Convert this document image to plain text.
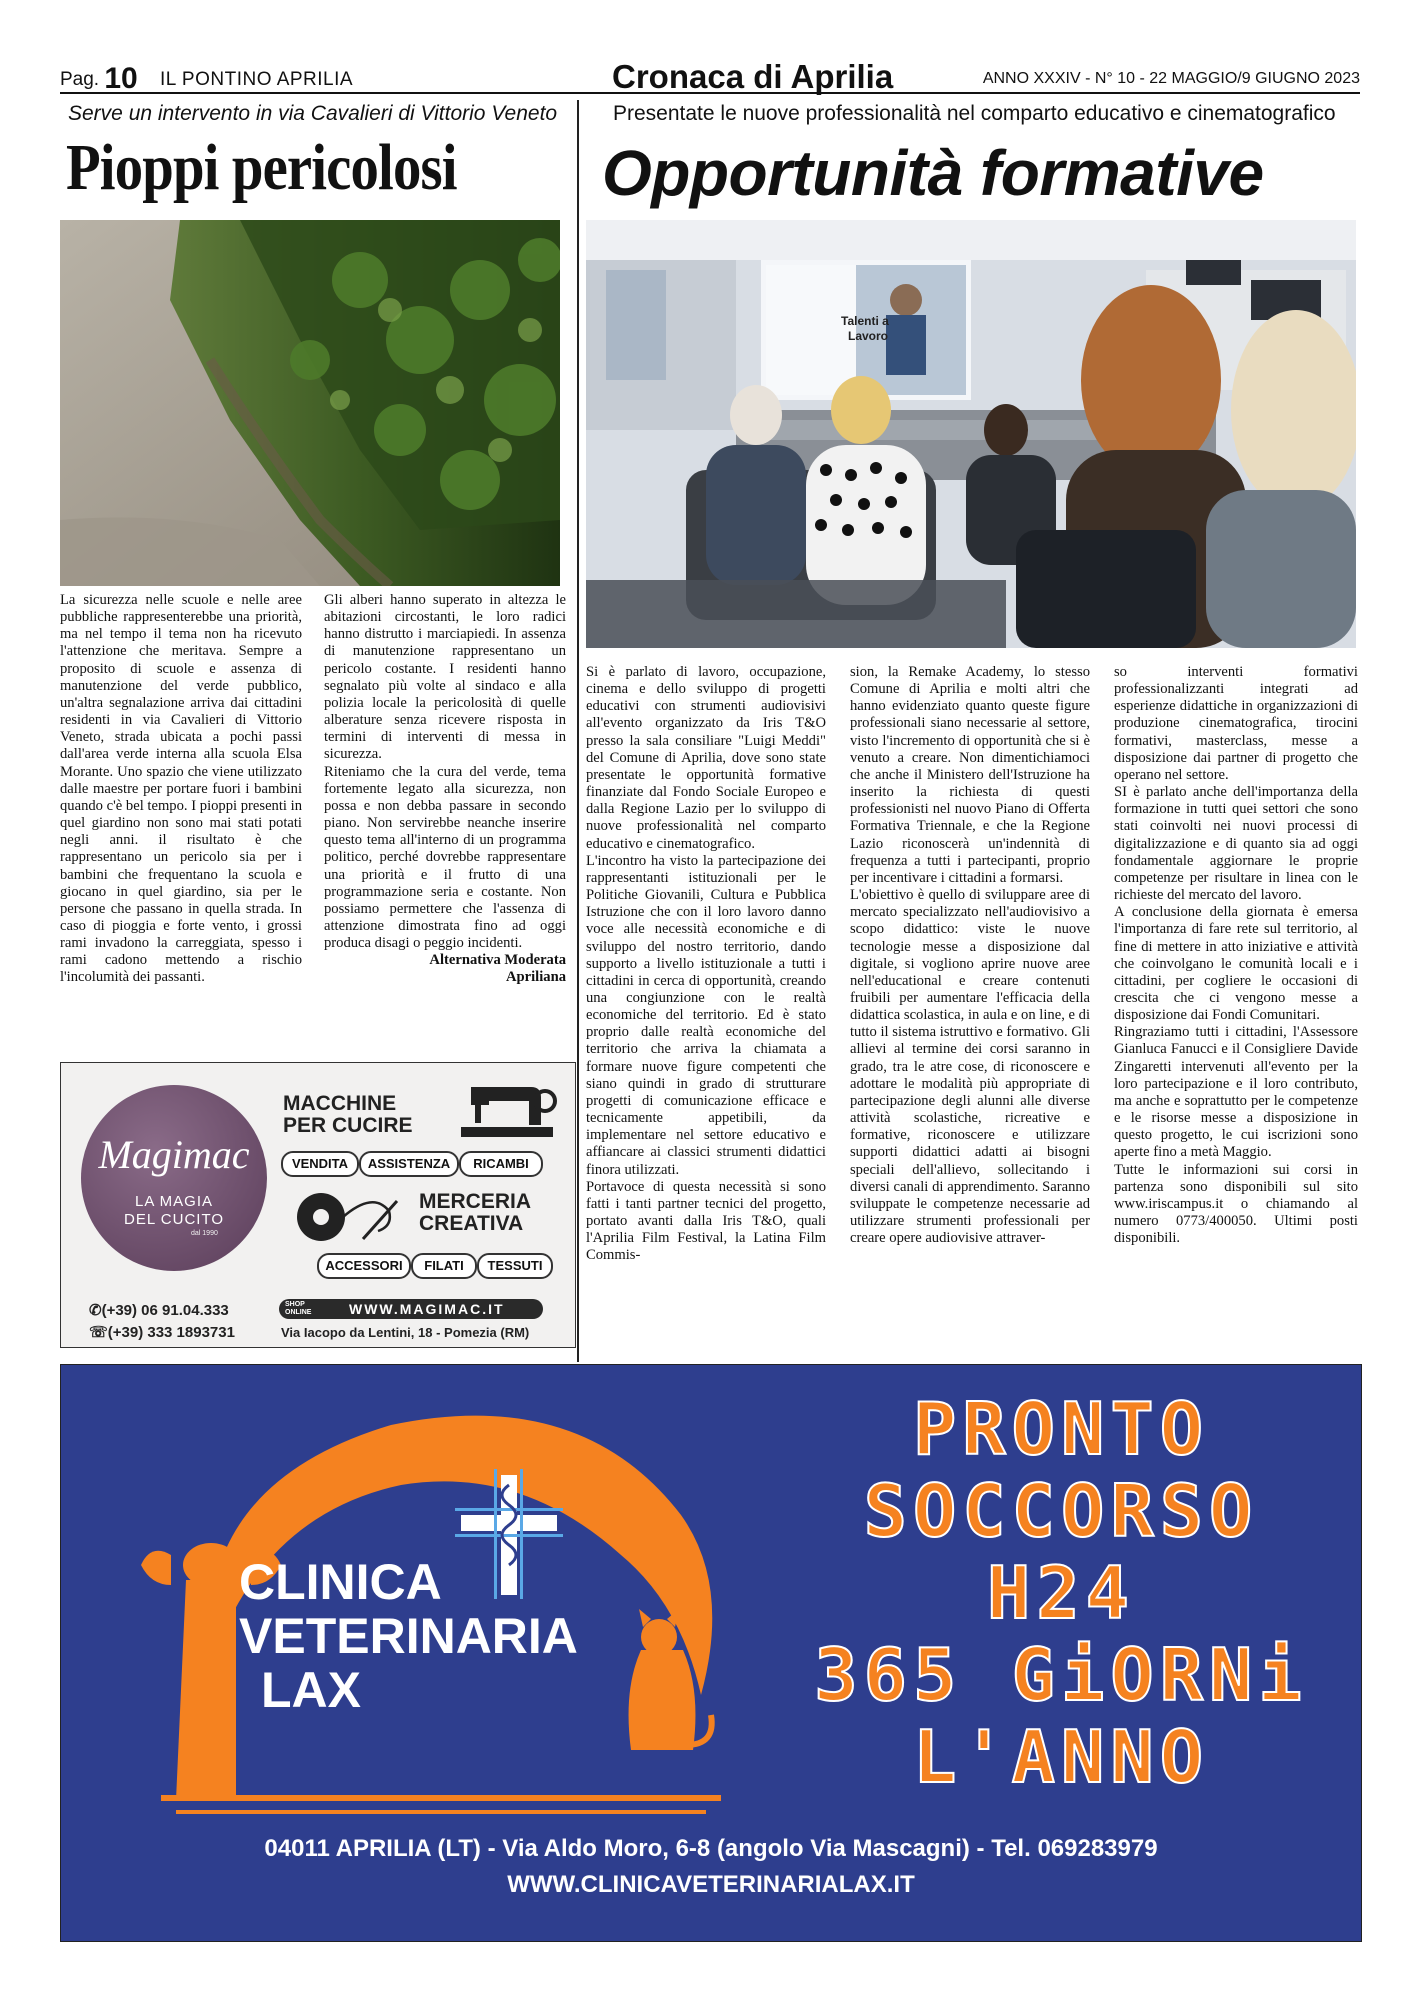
Pag. 10 IL PONTINO APRILIA	Cronaca di Aprilia	ANNO XXXIV - N° 10 - 22 MAGGIO/9 GIUGNO 2023
Serve un intervento in via Cavalieri di Vittorio Veneto
Pioppi pericolosi

La sicurezza nelle scuole e nelle aree pubbliche rappresenterebbe una priorità, ma nel tempo il tema non ha ricevuto l'attenzione che meritava. Sempre a proposito di scuole e assenza di manutenzione del verde pubblico, un'altra segnalazione arriva dai cittadini residenti in via Cavalieri di Vittorio Veneto, strada ubicata a pochi passi dall'area verde interna alla scuola Elsa Morante. Uno spazio che viene utilizzato dalle maestre per portare fuori i bambini quando c'è bel tempo. I pioppi presenti in quel giardino non sono mai stati potati negli anni. il risultato è che rappresentano un pericolo sia per i bambini che frequentano la scuola e giocano in quel giardino, sia per le persone che passano in quella strada. In caso di pioggia e forte vento, i grossi rami invadono la carreggiata, spesso i rami cadono mettendo a rischio l'incolumità dei passanti.

Gli alberi hanno superato in altezza le abitazioni circostanti, le loro radici hanno distrutto i marciapiedi. In assenza di manutenzione rappresentano un pericolo costante. I residenti hanno segnalato più volte al sindaco e alla polizia locale la pericolosità di quelle alberature senza ricevere risposta in termini di interventi di messa in sicurezza.

Riteniamo che la cura del verde, tema fortemente legato alla sicurezza, non possa e non debba passare in secondo piano. Non servirebbe neanche inserire questo tema all'interno di un programma politico, perché dovrebbe rappresentare una priorità e il frutto di una programmazione seria e costante. Non possiamo permettere che l'assenza di attenzione dimostrata fino ad oggi produca disagi o peggio incidenti.

Alternativa Moderata

Apriliana

Presentate le nuove professionalità nel comparto educativo e cinematografico
Opportunità formative
Talenti a
Lavoro

Si è parlato di lavoro, occupazione, cinema e dello sviluppo di progetti educativi con strumenti audiovisivi all'evento organizzato da Iris T&O presso la sala consiliare "Luigi Meddi" del Comune di Aprilia, dove sono state presentate le opportunità formative finanziate dal Fondo Sociale Europeo e dalla Regione Lazio per lo sviluppo di nuove professionalità nel comparto educativo e cinematografico.

L'incontro ha visto la partecipazione dei rappresentanti istituzionali per le Politiche Giovanili, Cultura e Pubblica Istruzione che con il loro lavoro danno voce alle necessità economiche e di sviluppo del nostro territorio, dando supporto a livello istituzionale a tutti i cittadini in cerca di opportunità, creando una congiunzione con le realtà economiche del territorio. Ed è stato proprio dalle realtà economiche del territorio che arriva la chiamata a formare nuove figure competenti che siano quindi in grado di strutturare progetti di comunicazione efficace e tecnicamente appetibili, da implementare nel settore educativo e affiancare ai classici strumenti didattici finora utilizzati.

Portavoce di questa necessità si sono fatti i tanti partner tecnici del progetto, portato avanti dalla Iris T&O, quali l'Aprilia Film Festival, la Latina Film Commis-

sion, la Remake Academy, lo stesso Comune di Aprilia e molti altri che hanno evidenziato quanto queste figure professionali siano necessarie al settore, visto l'incremento di opportunità che si è venuto a creare. Non dimentichiamoci che anche il Ministero dell'Istruzione ha inserito la richiesta di questi professionisti nel nuovo Piano di Offerta Formativa Triennale, e che la Regione Lazio riconoscerà un'indennità di frequenza a tutti i partecipanti, proprio per incentivare i cittadini a formarsi.

L'obiettivo è quello di sviluppare aree di mercato specializzato nell'audiovisivo a scopo didattico: viste le nuove tecnologie messe a disposizione dal digitale, si vogliono aprire nuove aree nell'educational e creare contenuti fruibili per aumentare l'efficacia della didattica scolastica, in aula e on line, e di tutto il sistema istruttivo e formativo. Gli allievi al termine dei corsi saranno in grado, tra le atre cose, di riconoscere e adottare le modalità più appropriate di partecipazione degli alunni alle diverse attività scolastiche, ricreative e formative, riconoscere e utilizzare supporti didattici adatti ai bisogni speciali dell'allievo, sollecitando i diversi canali di apprendimento. Saranno sviluppate le competenze necessarie ad utilizzare strumenti professionali per creare opere audiovisive attraver-

so interventi formativi professionalizzanti integrati ad esperienze didattiche in organizzazioni di produzione cinematografica, tirocini formativi, masterclass, messe a disposizione dai partner di progetto che operano nel settore.

SI è parlato anche dell'importanza della formazione in tutti quei settori che sono stati coinvolti nei nuovi processi di digitalizzazione e di quanto sia ad oggi fondamentale aggiornare le proprie competenze per risultare in linea con le richieste del mercato del lavoro.

A conclusione della giornata è emersa l'importanza di fare rete sul territorio, al fine di mettere in atto iniziative e attività che coinvolgano le comunità locali e i cittadini, per cogliere le occasioni di crescita che ci vengono messe a disposizione dai Fondi Comunitari.

Ringraziamo tutti i cittadini, l'Assessore Gianluca Fanucci e il Consigliere Davide Zingaretti intervenuti all'evento per la loro partecipazione e il loro contributo, ma anche e soprattutto per le competenze e le risorse messe a disposizione in questo progetto, le cui iscrizioni sono aperte fino a metà Maggio.

Tutte le informazioni sui corsi in partenza sono disponibili sul sito www.iriscampus.it o chiamando al numero 0773/400050. Ultimi posti disponibili.

Magimac
LA MAGIA
DEL CUCITO
dal 1990
MACCHINE
PER CUCIRE
VENDITA	ASSISTENZA	RICAMBI
MERCERIA
CREATIVA
ACCESSORI	FILATI	TESSUTI
✆(+39) 06 91.04.333
☏(+39) 333 1893731
SHOP
ONLINE	WWW.MAGIMAC.IT
Via Iacopo da Lentini, 18 - Pomezia (RM)
CLINICA
VETERINARIA
LAX
PRONTO
SOCCORSO
H24
365 GiORNi
L'ANNO
04011 APRILIA (LT) - Via Aldo Moro, 6-8 (angolo Via Mascagni) - Tel. 069283979
WWW.CLINICAVETERINARIALAX.IT
